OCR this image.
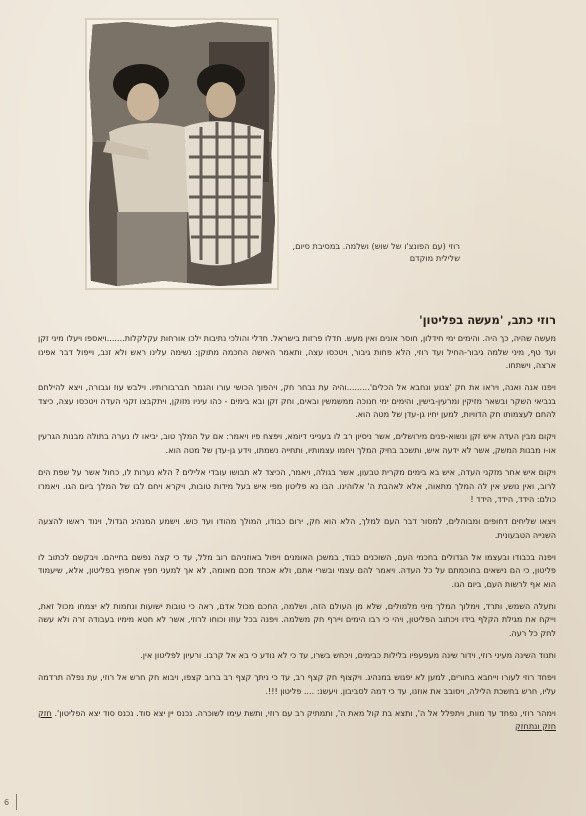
רוזי (עם הפונצ'ו של שוש) ושלמה. במסיבת סיום, שלילית מוקדם
רוזי כתב, 'מעשה בפליטון'

מעשה שהיה, כך היה. והימים ימי חידלון, חוסר אונים ואין מעש. חדלו פרזות בישראל. חדלי והולכי נתיבות ילכו אורחות עקלקלות.......ויאספו ויעלו מיני זקן ועד טף, מיני שלמה גיבור-החיל ועד רוזי, הלא פחות גיבור, ויטכסו עצה, ותאמר האישה החכמה מתוקן: נשימה עלינו ראש ולא זנב, וייפול דבר אפינו ארצה, וישתחו.

ויפנו אנה ואנה, ויראו את חק 'צנוע ונחבא אל הכלים'.........והיה עת נבחר חק, ויהפוך הכושי עורו והנמר חברבורותיו. וילבש עוז וגבורה, ויצא להילחם בנביאי השקר ובשאר מזיקין ומרעין-בישין, והימים ימי חנוכה ממשמשין ובאים, וחק זקן ובא בימים - כהו עיניו מזוקן, ויתקבצו זקני העדה ויטכסו עצה, כיצד להחם לעצמותו חק הדוויות, למען יחיו גן-עדן של מטה הוא.

ויקום מבין העדה איש זקן ונשוא-פנים מירושלים, אשר ניסיון רב לו בענייני דיומא, ויפצח פיו ויאמר: אם על המלך טוב, יביאו לו נערה בתולה מבנות הגרעין או-ו מבנות המשק, אשר לא ידעה איש, ותשכב בחיק המלך ויחמו עצמותיו, ותחייה נשמתו, וידע גן-עדן של מטה הוא.

ויקום איש אחר מזקני העדה, איש בא בימים מקרית טבעון, אשר בגולה, ויאמר, הכיצד לא תבושו עובדי אלילים ? הלא נערות לו, כחול אשר על שפת הים לרוב, ואין נושע אין לה המלך מתאוה, אלא לאהבת ה' אלוהינו. הבו נא פליטון מפי איש בעל מידות טובות, ויקרא ויחם לבו של המלך ביום הגו. ויאמרו כולם: הידד, הידד, הידד !

ויצאו שליחים דחופים ומבוהלים, למסור דבר העם למלך, הלא הוא חק, ירום כבודו, המולך מהודו ועד כוש. וישמע המנהיג הגדול, וינוד ראשו להצעה השנייה הטבעונית.

ויפנה בכבודו ובעצמו אל הגדולים בחכמי העם, השוכנים כבוד, במשכן האומנים ויפול באוזניהם רוב מלל, עד כי קצה נפשם בחייהם. ויבקשם לכתוב לו פליטון, כי הם נישאים בחוכמתם על כל העדה. ויאמר להם עצמי ובשרי אתם, ולא אכחד מכם מאומה, לא אך למעני חפץ אחפוץ בפליטון, אלא, שיעמוד הוא אף לרשות העם, ביום הגו.

ותעלה השמש, ותרד, וימלוך המלך מיני מלמולים, שלא מן העולם הזה, ושלמה, החכם מכול אדם, ראה כי טובות ישועות ונחמות לא יצמחו מכול זאת, וייקח את מגילת הקלף בידו ויכתוב הפליטון, ויהי כי רבו הימים ויירף חק משלמה. ויפנה בכל עוזו וכוחו לרוזי, אשר לא חטא מימיו בעבודה זרה ולא עשה לחק כל רעה.

ותנוד השינה מעיני רוזי, וידור שינה מעפעפיו בלילות כבימים, ויכחש בשרו, עד כי לא נודע כי בא אל קרבו. ורעיון לפליטון אין.

ויפחד רוזי לעורו וייחבא בחורים, למען לא יפגוש במנהיג. ויקצוף חק קצף רב, עד כי ניתך קצף רב ברוב קצפו, ויבוא חק חרש אל רוזי, עת נפלה תרדמה עליו, חרש בחשכת הלילה, ויסובב את אוזנו, עד כי דמה לסביבון. ויעשנ: .... פליטון !!!.

וימהר רוזי, נפחד עד מוות, ויתפלל אל ה', ותצא בת קול מאת ה', ותמתיק רב עם רוזי, ותשת עימו לשוכרה. נכנס יין יצא סוד. נכנס סוד יצא הפליטון'. חזק חזק ונתחזק

6
